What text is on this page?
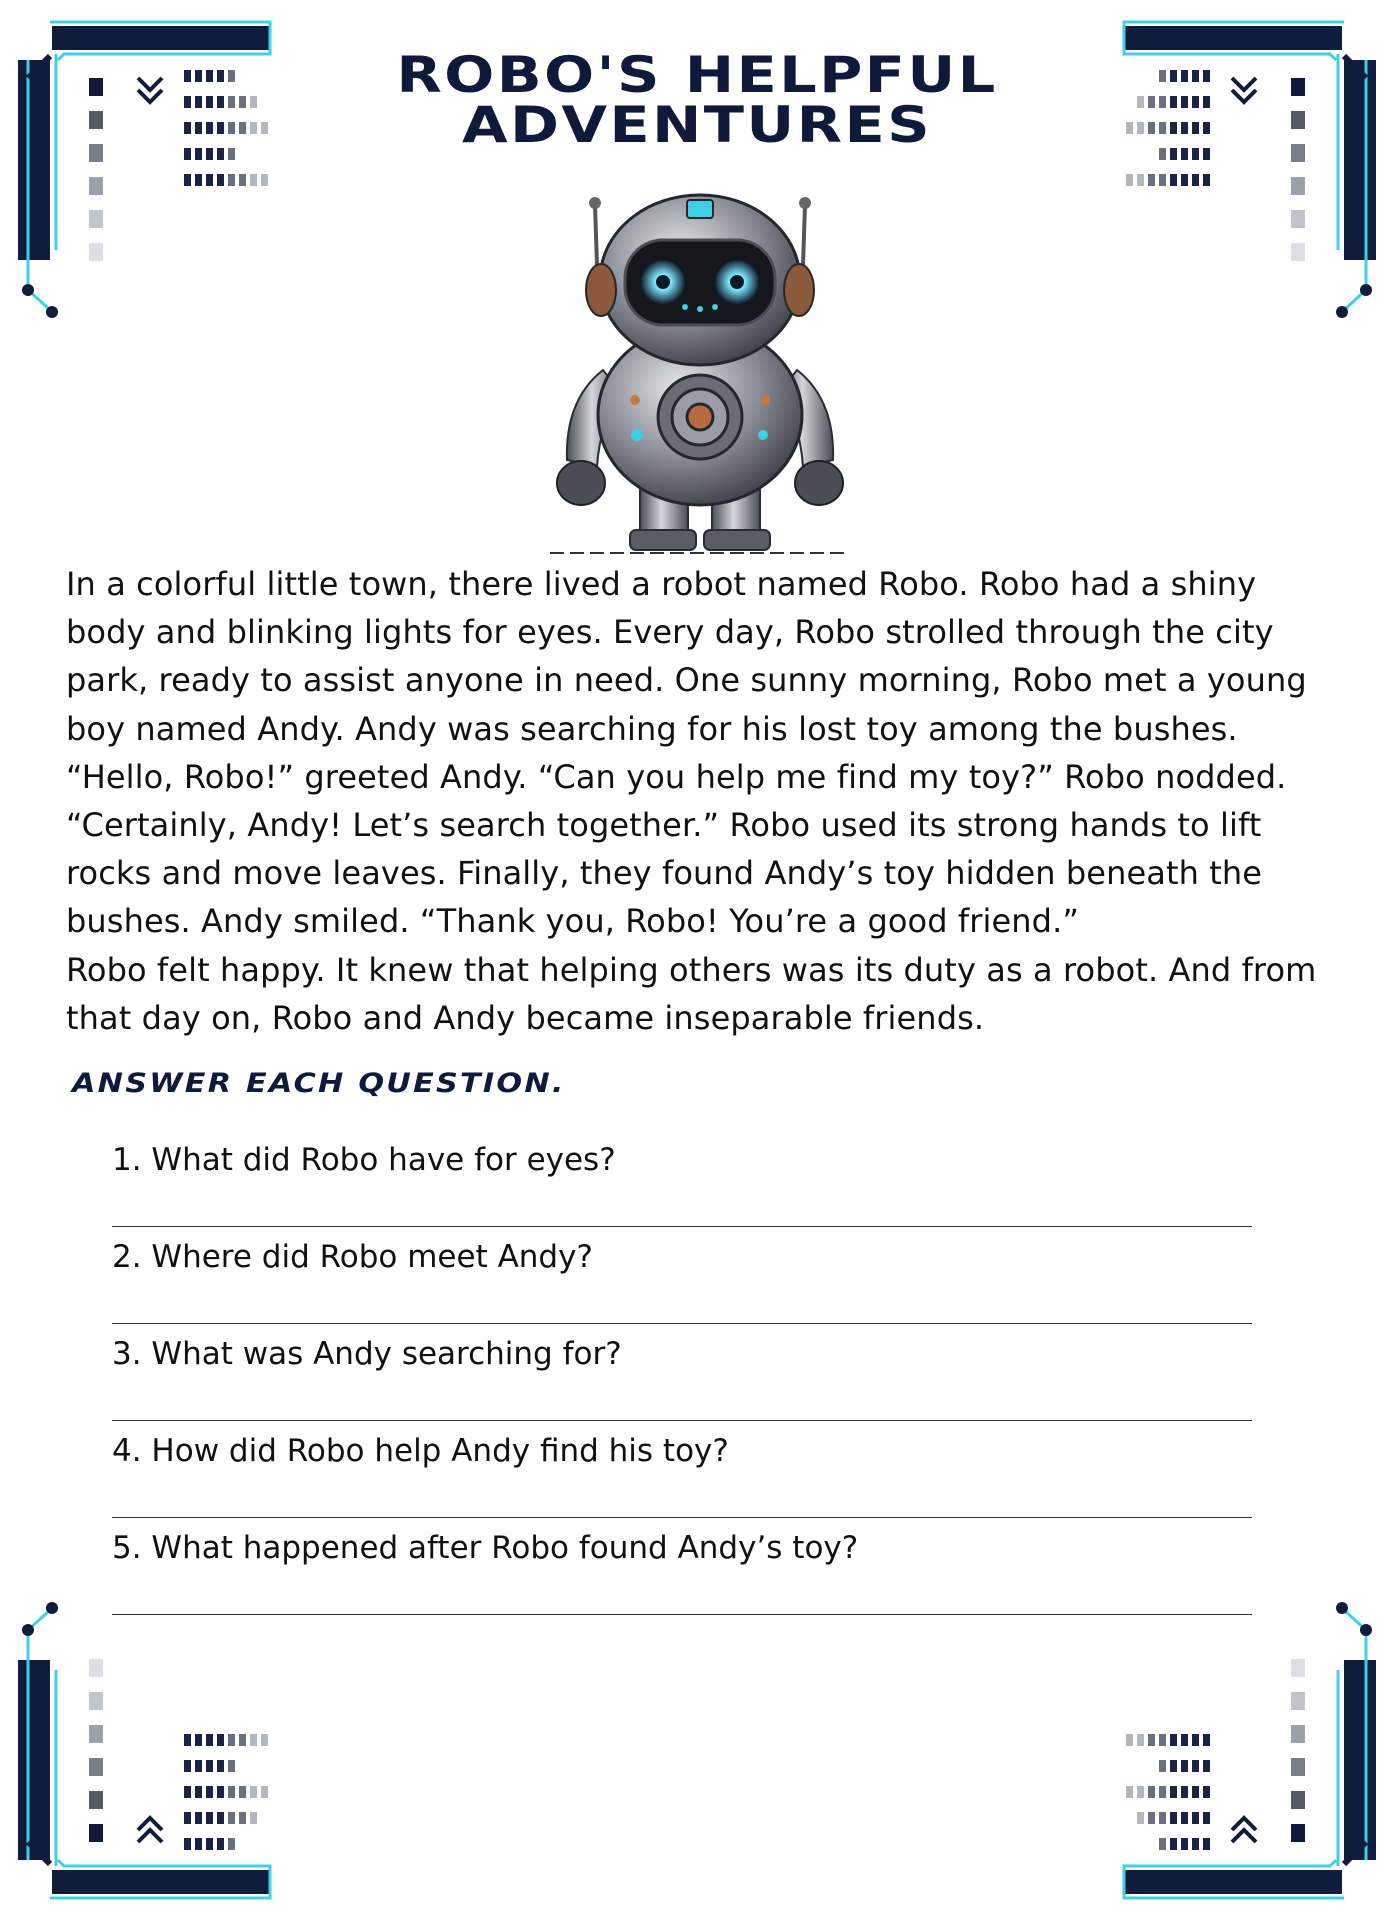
ROBO'S HELPFUL ADVENTURES

In a colorful little town, there lived a robot named Robo. Robo had a shiny body and blinking lights for eyes. Every day, Robo strolled through the city park, ready to assist anyone in need. One sunny morning, Robo met a young boy named Andy. Andy was searching for his lost toy among the bushes. “Hello, Robo!” greeted Andy. “Can you help me find my toy?” Robo nodded. “Certainly, Andy! Let’s search together.” Robo used its strong hands to lift rocks and move leaves. Finally, they found Andy’s toy hidden beneath the bushes. Andy smiled. “Thank you, Robo! You’re a good friend.”

Robo felt happy. It knew that helping others was its duty as a robot. And from that day on, Robo and Andy became inseparable friends.

ANSWER EACH QUESTION.
1. What did Robo have for eyes?
2. Where did Robo meet Andy?
3. What was Andy searching for?
4. How did Robo help Andy find his toy?
5. What happened after Robo found Andy’s toy?
